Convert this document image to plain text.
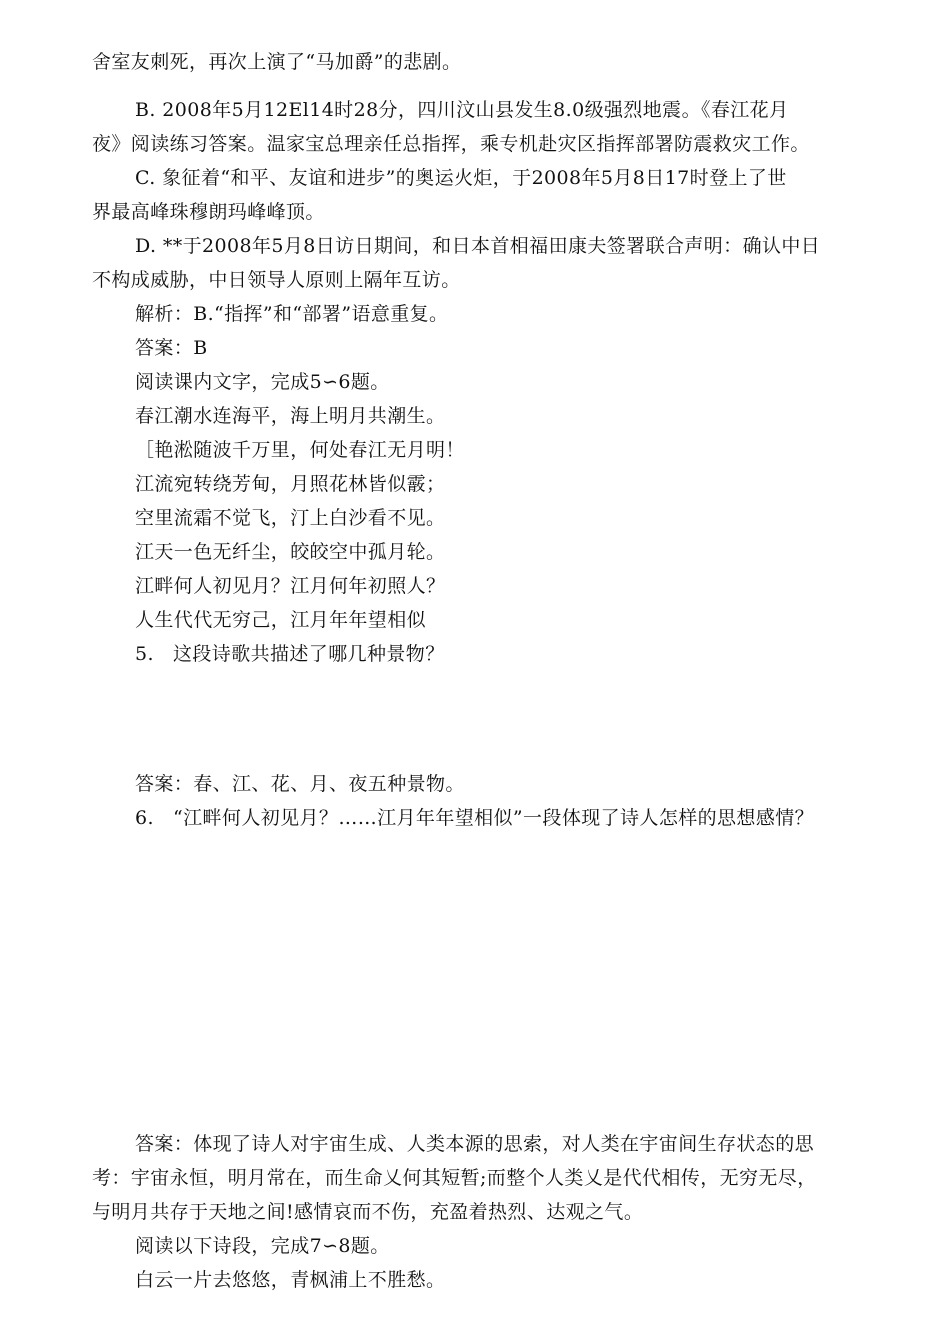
舍室友刺死，再次上演了“马加爵”的悲剧。
B. 2008年5月12El14时28分，四川汶山县发生8.0级强烈地震。《春江花月
夜》阅读练习答案。温家宝总理亲任总指挥，乘专机赴灾区指挥部署防震救灾工作。
C. 象征着“和平、友谊和进步”的奥运火炬，于2008年5月8日17时登上了世
界最高峰珠穆朗玛峰峰顶。
D. **于2008年5月8日访日期间，和日本首相福田康夫签署联合声明：确认中日
不构成威胁，中日领导人原则上隔年互访。
解析：B.“指挥”和“部署”语意重复。
答案：B
阅读课内文字，完成5∽6题。
春江潮水连海平，海上明月共潮生。
［艳淞随波千万里，何处春江无月明！
江流宛转绕芳甸，月照花林皆似霰；
空里流霜不觉飞，汀上白沙看不见。
江天一色无纤尘，皎皎空中孤月轮。
江畔何人初见月？江月何年初照人？
人生代代无穷己，江月年年望相似
5. 这段诗歌共描述了哪几种景物？
答案：春、江、花、月、夜五种景物。
6. “江畔何人初见月？……江月年年望相似”一段体现了诗人怎样的思想感情？
答案：体现了诗人对宇宙生成、人类本源的思索，对人类在宇宙间生存状态的思
考：宇宙永恒，明月常在，而生命乂何其短暂;而整个人类乂是代代相传，无穷无尽，
与明月共存于天地之间!感情哀而不伤，充盈着热烈、达观之气。
阅读以下诗段，完成7∽8题。
白云一片去悠悠，青枫浦上不胜愁。
